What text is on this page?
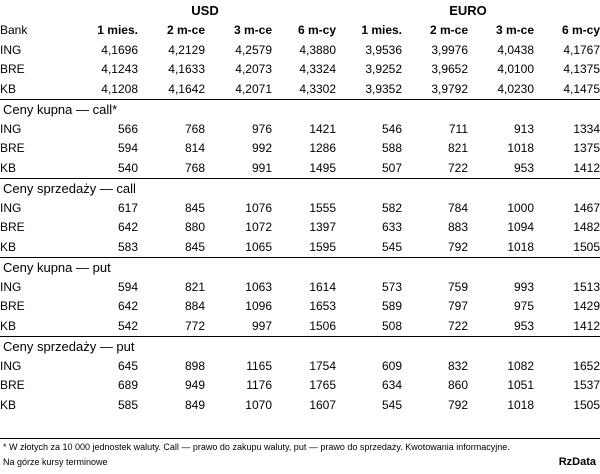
	USD				EURO			
Bank	1 mies.	2 m-ce	3 m-ce	6 m-cy	1 mies.	2 m-ce	3 m-ce	6 m-cy
ING	4,1696	4,2129	4,2579	4,3880	3,9536	3,9976	4,0438	4,1767
BRE	4,1243	4,1633	4,2073	4,3324	3,9252	3,9652	4,0100	4,1375
KB	4,1208	4,1642	4,2071	4,3302	3,9352	3,9792	4,0230	4,1475
Ceny kupna — call*								
ING	566	768	976	1421	546	711	913	1334
BRE	594	814	992	1286	588	821	1018	1375
KB	540	768	991	1495	507	722	953	1412
Ceny sprzedaży — call								
ING	617	845	1076	1555	582	784	1000	1467
BRE	642	880	1072	1397	633	883	1094	1482
KB	583	845	1065	1595	545	792	1018	1505
Ceny kupna — put								
ING	594	821	1063	1614	573	759	993	1513
BRE	642	884	1096	1653	589	797	975	1429
KB	542	772	997	1506	508	722	953	1412
Ceny sprzedaży — put								
ING	645	898	1165	1754	609	832	1082	1652
BRE	689	949	1176	1765	634	860	1051	1537
KB	585	849	1070	1607	545	792	1018	1505
* W złotych za 10 000 jednostek waluty. Call — prawo do zakupu waluty, put — prawo do sprzedaży. Kwotowania informacyjne.
Na górze kursy terminowe	RzData
